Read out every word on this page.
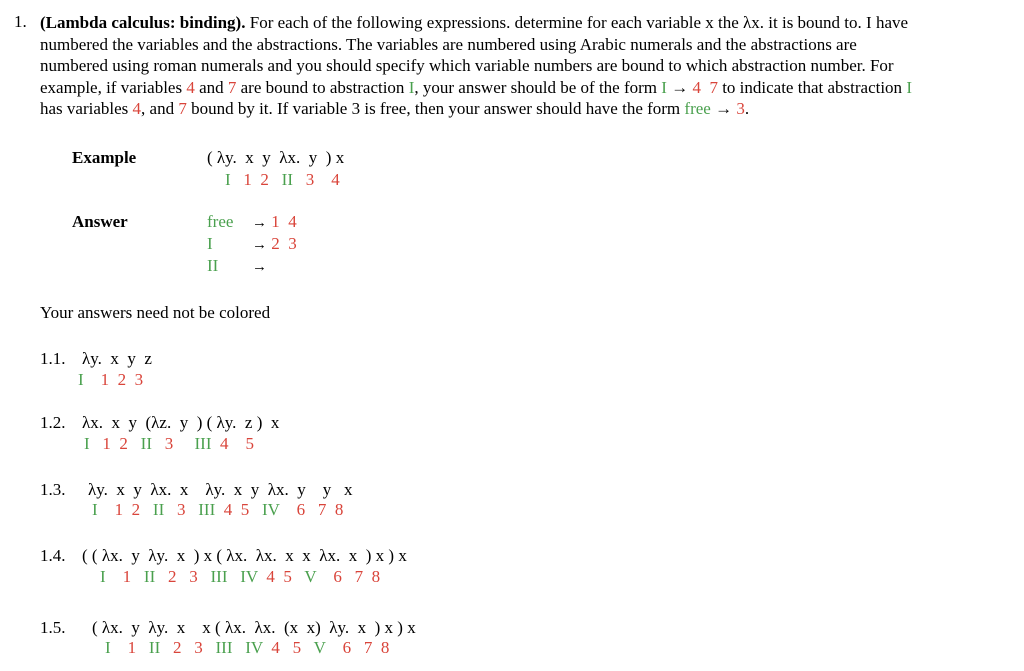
1. (Lambda calculus: binding). For each of the following expressions. determine for each variable x the λx. it is bound to. I have
numbered the variables and the abstractions. The variables are numbered using Arabic numerals and the abstractions are
numbered using roman numerals and you should specify which variable numbers are bound to which abstraction number. For
example, if variables 4 and 7 are bound to abstraction I, your answer should be of the form I → 4 7 to indicate that abstraction I
has variables 4, and 7 bound by it. If variable 3 is free, then your answer should have the form free → 3.
Example	( λy.  x  y  λx.  y  ) x
I 1 2 II 3 4
Answer	free → 1  4
I	→ 2  3
II →
Your answers need not be colored
1.1. λy.  x  y  z
I 1 2 3
1.2. λx.  x  y  (λz.  y  ) ( λy.  z )  x
I 1 2 II 3 III 4 5
1.3. λy.  x  y  λx.  x    λy.  x  y  λx.  y    y   x
I 1 2 II 3 III 4 5 IV 6 7 8
1.4. ( ( λx.  y  λy.  x  ) x ( λx.  λx.  x  x  λx.  x  ) x ) x
I 1 II 2 3 III IV 4 5 V 6 7 8
1.5. ( λx.  y  λy.  x    x ( λx.  λx.  (x  x)  λy.  x  ) x ) x
I 1 II 2 3 III IV 4 5 V 6 7 8
